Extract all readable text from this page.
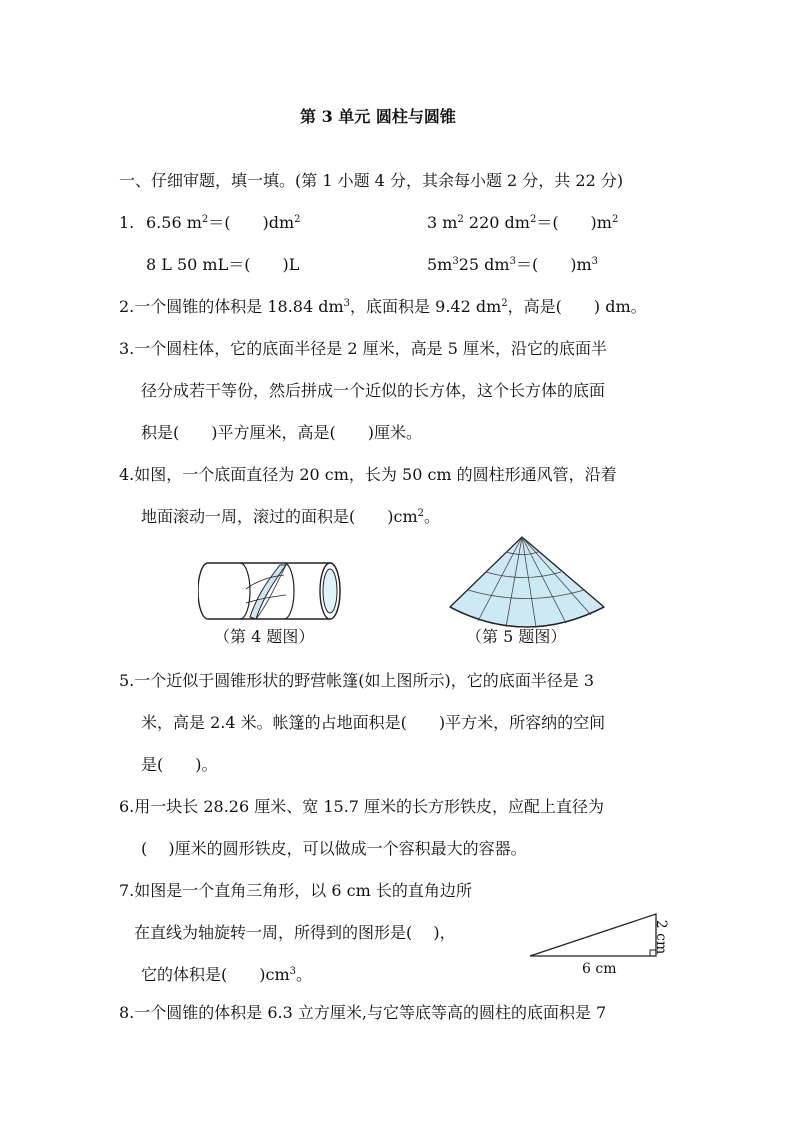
第 3 单元 圆柱与圆锥
一、仔细审题，填一填。(第 1 小题 4 分，其余每小题 2 分，共 22 分)
1. 6.56 $m^2=$(　　)$dm^2$	3 $m^2$ 220 $dm^2=$(　　)$m^2$
8 L 50 mL＝(　　)L	$5m^325$ $dm^3=$(　　)$m^3$
2.一个圆锥的体积是 18.84 $dm^3$，底面积是 9.42 $dm^2$，高是(　　) dm。
3.一个圆柱体，它的底面半径是 2 厘米，高是 5 厘米，沿它的底面半
径分成若干等份，然后拼成一个近似的长方体，这个长方体的底面
积是(　　)平方厘米，高是(　　)厘米。
4.如图，一个底面直径为 20 cm，长为 50 cm 的圆柱形通风管，沿着
地面滚动一周，滚过的面积是(　　)$cm^2$。
（第 4 题图）	（第 5 题图）
5.一个近似于圆锥形状的野营帐篷(如上图所示)，它的底面半径是 3
米，高是 2.4 米。帐篷的占地面积是(　　)平方米，所容纳的空间
是(　　)。
6.用一块长 28.26 厘米、宽 15.7 厘米的长方形铁皮，应配上直径为
(　 )厘米的圆形铁皮，可以做成一个容积最大的容器。
7.如图是一个直角三角形，以 6 cm 长的直角边所
在直线为轴旋转一周，所得到的图形是(　 )，
它的体积是(　　)$cm^3$。	6 cm
2 cm
8.一个圆锥的体积是 6.3 立方厘米,与它等底等高的圆柱的底面积是 7
